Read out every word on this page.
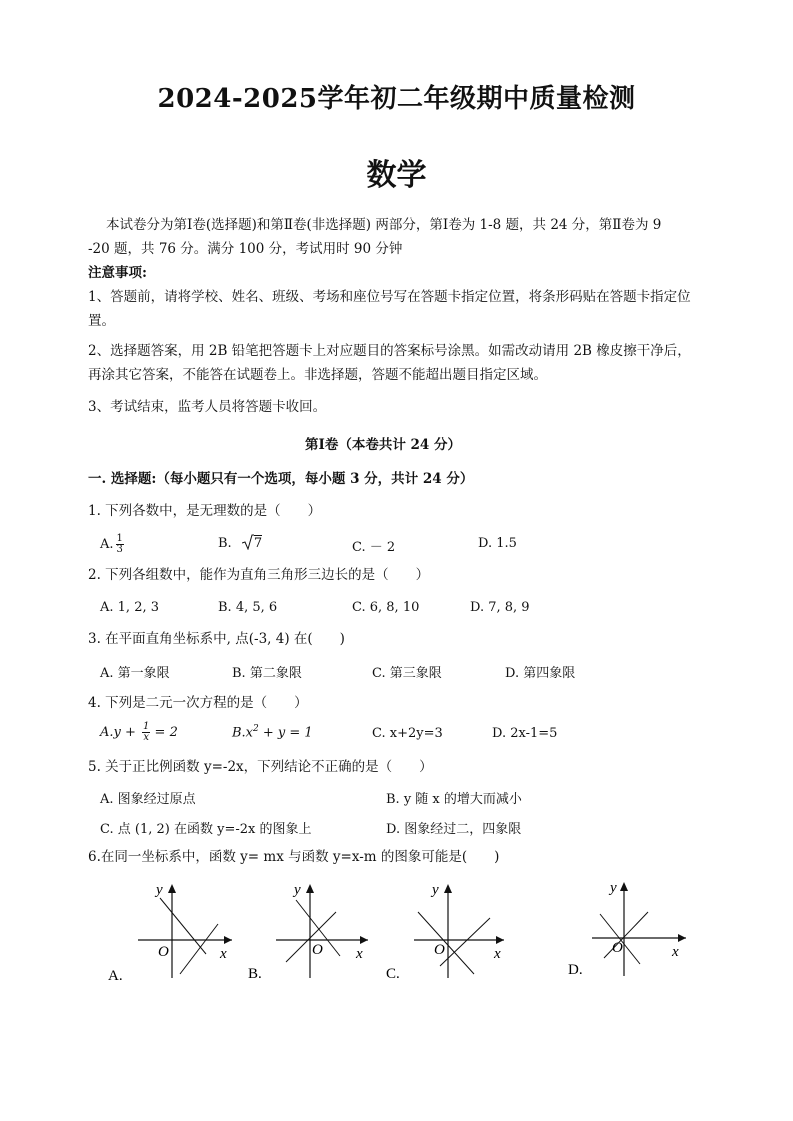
2024-2025学年初二年级期中质量检测
数学
本试卷分为第Ⅰ卷(选择题)和第Ⅱ卷(非选择题) 两部分，第Ⅰ卷为 1-8 题，共 24 分，第Ⅱ卷为 9
-20 题，共 76 分。满分 100 分，考试用时 90 分钟
注意事项:
1、答题前，请将学校、姓名、班级、考场和座位号写在答题卡指定位置，将条形码贴在答题卡指定位
置。
2、选择题答案，用 2B 铅笔把答题卡上对应题目的答案标号涂黑。如需改动请用 2B 橡皮擦干净后，
再涂其它答案，不能答在试题卷上。非选择题，答题不能超出题目指定区域。
3、考试结束，监考人员将答题卡收回。
第Ⅰ卷（本卷共计 24 分）
一. 选择题:（每小题只有一个选项，每小题 3 分，共计 24 分）
1. 下列各数中，是无理数的是（　　）
A. $\frac{1}{3}$	B. 7	C. － 2	D. 1.5
2. 下列各组数中，能作为直角三角形三边长的是（　　）
A. 1, 2, 3	B. 4, 5, 6	C. 6, 8, 10	D. 7, 8, 9
3. 在平面直角坐标系中, 点(-3, 4) 在(　　)
A. 第一象限	B. 第二象限	C. 第三象限	D. 第四象限
4. 下列是二元一次方程的是（　　）
$A.y + \frac{1}{x} = 2$	$B.x^2 + y = 1$	C. x+2y=3	D. 2x-1=5
5. 关于正比例函数 y=-2x，下列结论不正确的是（　　）
A. 图象经过原点	B. y 随 x 的增大而减小
C. 点 (1, 2) 在函数 y=-2x 的图象上	D. 图象经过二，四象限
6.在同一坐标系中，函数 y= mx 与函数 y=x-m 的图象可能是(　　)
y
x
O
A.
y
x
O
B.
y
x
O
C.
y
x
O
D.
